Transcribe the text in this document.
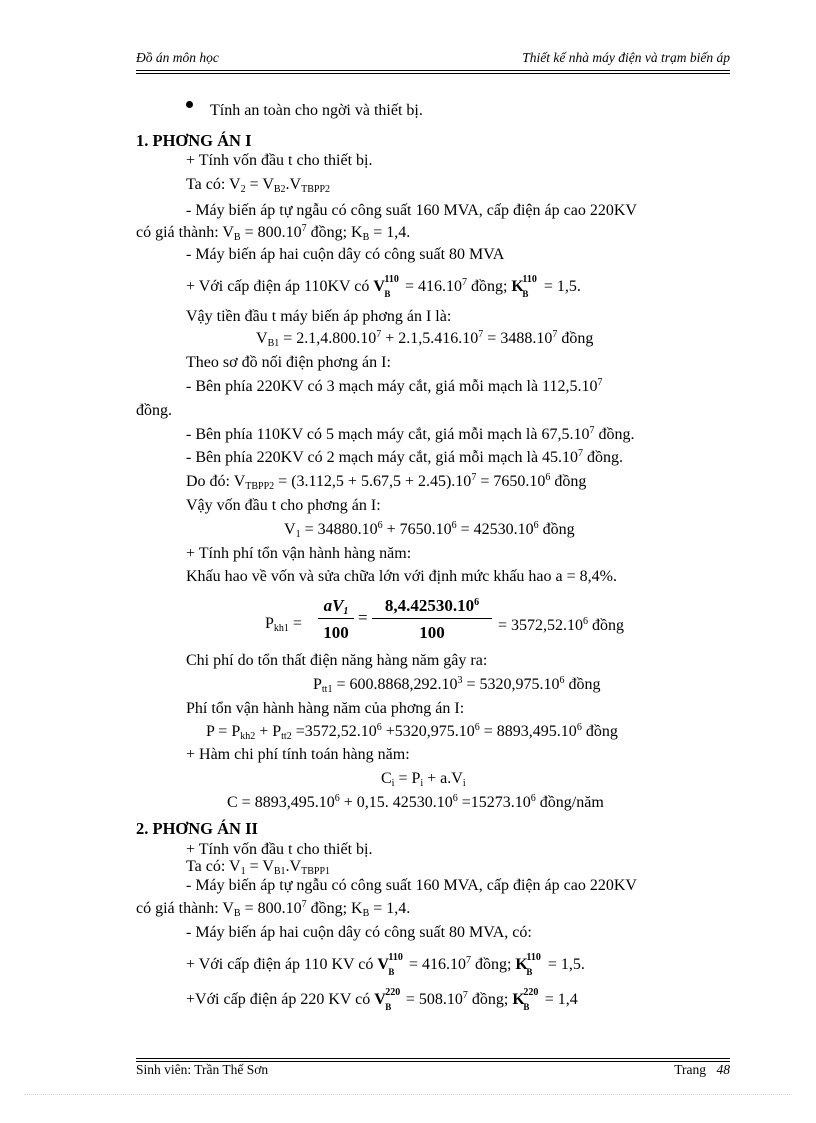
Đồ án môn học	Thiết kế nhà máy điện và trạm biến áp
Tính an toàn cho ngời và thiết bị.
1. PHƠNG ÁN I
+ Tính vốn đầu t cho thiết bị.
Ta có: $V_2 = V_{B2}.V_{TBPP2}$
- Máy biến áp tự ngẫu có công suất 160 MVA, cấp điện áp cao 220KV
có giá thành: $V_B = 800.10^7$ đồng; $K_B = 1,4$.
- Máy biến áp hai cuộn dây có công suất 80 MVA
+ Với cấp điện áp 110KV có V 110
$B = 416.10^7$ đồng; K
110
B = 1,5.
Vậy tiền đầu t máy biến áp phơng án I là:
$V_{B1} = 2.1,4.800.10^7 + 2.1,5.416.10^7 = 3488.10^7$ đồng
Theo sơ đồ nối điện phơng án I:
- Bên phía 220KV có 3 mạch máy cắt, giá mỗi mạch là 112,5.10$^7$
đồng.
- Bên phía 110KV có 5 mạch máy cắt, giá mỗi mạch là 67,5.10$^7$ đồng.
- Bên phía 220KV có 2 mạch máy cắt, giá mỗi mạch là 45.10$^7$ đồng.
Do đó: $V_{TBPP2} = (3.112,5 + 5.67,5 + 2.45).10^7 = 7650.10^6$ đồng
Vậy vốn đầu t cho phơng án I:
$V_1 = 34880.10^6 + 7650.10^6 = 42530.10^6$ đồng
+ Tính phí tổn vận hành hàng năm:
Khấu hao về vốn và sửa chữa lớn với định mức khấu hao a = 8,4%.
$P_{kh1}$ =
$aV_1$
100
=
$8,4.42530.10^6$
100	= $3572,52.10^6$ đồng
Chi phí do tổn thất điện năng hàng năm gây ra:
$P_{tt1} = 600.8868,292.10^3 = 5320,975.10^6$ đồng
Phí tổn vận hành hàng năm của phơng án I:
$P = P_{kh2} + P_{tt2} =3572,52.10^6 +5320,975.10^6 = 8893,495.10^6$ đồng
+ Hàm chi phí tính toán hàng năm:
$C_i = P_i + a.V_i$
$C = 8893,495.10^6 + 0,15$. $42530.10^6 =15273.10^6$ đồng/năm
2. PHƠNG ÁN II
+ Tính vốn đầu t cho thiết bị.
Ta có: $V_1 = V_{B1}.V_{TBPP1}$
- Máy biến áp tự ngẫu có công suất 160 MVA, cấp điện áp cao 220KV
có giá thành: $V_B = 800.10^7$ đồng; $K_B = 1,4$.
- Máy biến áp hai cuộn dây có công suất 80 MVA, có:
+ Với cấp điện áp 110 KV có V 110
$B = 416.10^7$ đồng; K
110
B = 1,5.
+Với cấp điện áp 220 KV có V 220
$B = 508.10^7$ đồng; K
220
B = 1,4
Sinh viên: Trần Thế Sơn	Trang 48
